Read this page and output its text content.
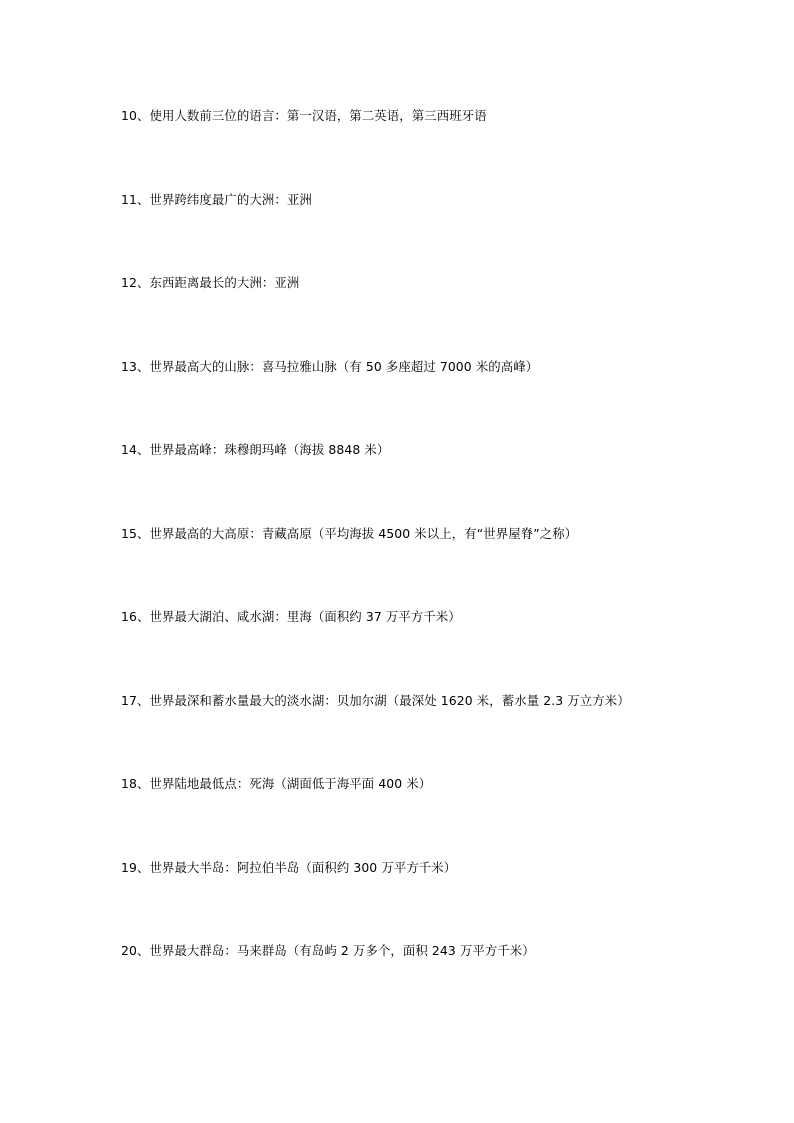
10、使用人数前三位的语言：第一汉语，第二英语，第三西班牙语
11、世界跨纬度最广的大洲：亚洲
12、东西距离最长的大洲：亚洲
13、世界最高大的山脉：喜马拉雅山脉（有 50 多座超过 7000 米的高峰）
14、世界最高峰：珠穆朗玛峰（海拔 8848 米）
15、世界最高的大高原：青藏高原（平均海拔 4500 米以上，有“世界屋脊”之称）
16、世界最大湖泊、咸水湖：里海（面积约 37 万平方千米）
17、世界最深和蓄水量最大的淡水湖：贝加尔湖（最深处 1620 米，蓄水量 2.3 万立方米）
18、世界陆地最低点：死海（湖面低于海平面 400 米）
19、世界最大半岛：阿拉伯半岛（面积约 300 万平方千米）
20、世界最大群岛：马来群岛（有岛屿 2 万多个，面积 243 万平方千米）
